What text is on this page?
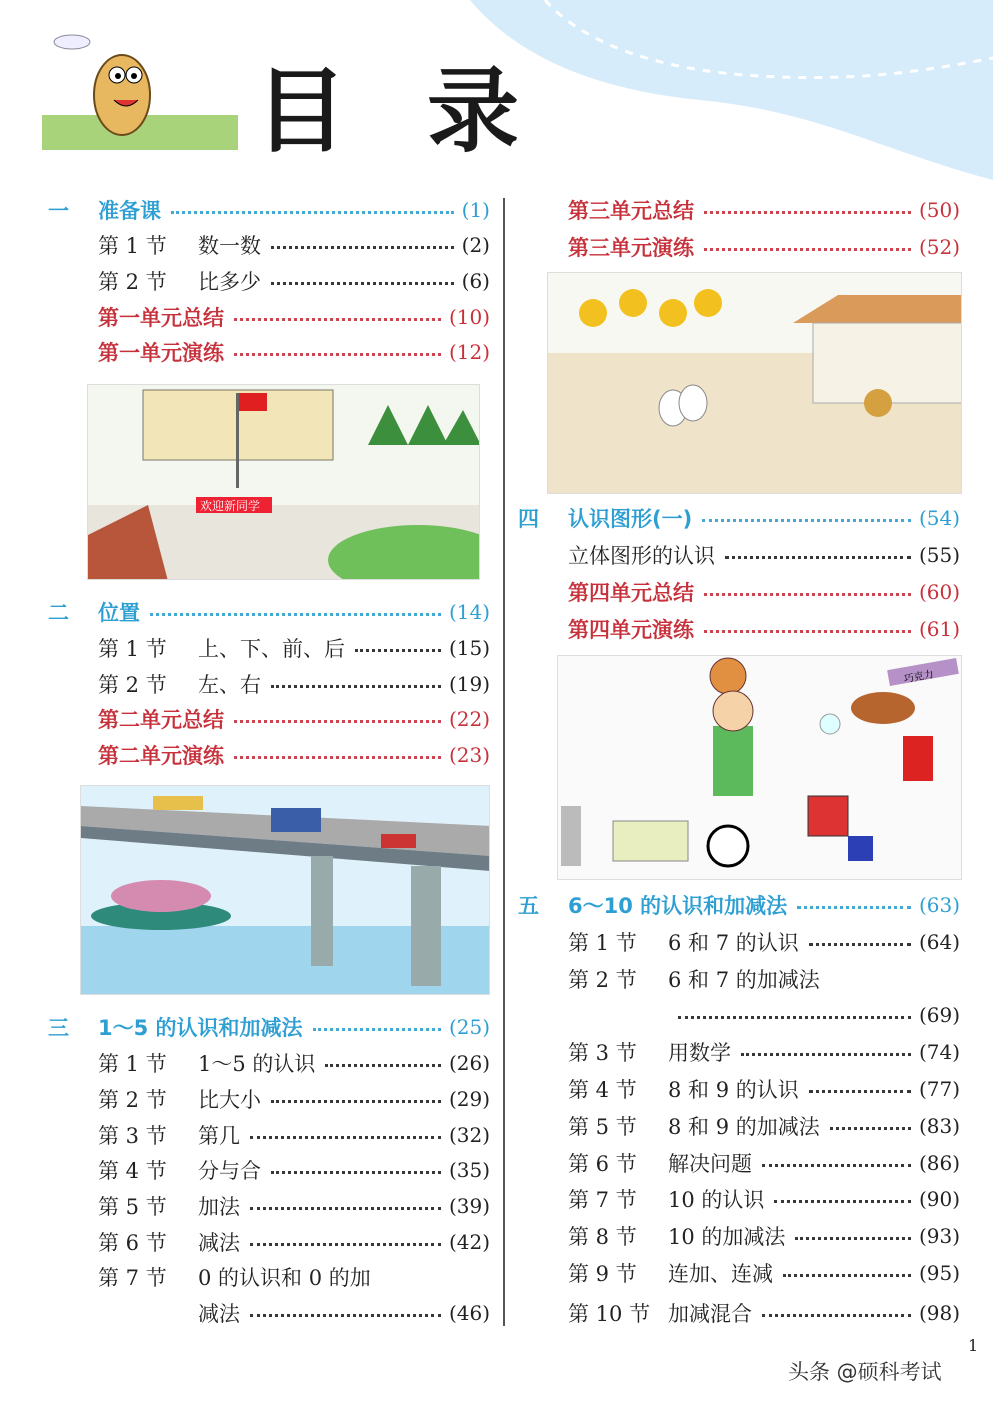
目 录
一 准备课	(1)
第 1 节	数一数	(2)
第 2 节	比多少	(6)
第一单元总结	(10)
第一单元演练	(12)
二 位置	(14)
第 1 节	上、下、前、后	(15)
第 2 节	左、右	(19)
第二单元总结	(22)
第二单元演练	(23)
三 1～5 的认识和加减法	(25)
第 1 节	1～5 的认识	(26)
第 2 节	比大小	(29)
第 3 节	第几	(32)
第 4 节	分与合	(35)
第 5 节	加法	(39)
第 6 节	减法	(42)
第 7 节	0 的认识和 0 的加
减法	(46)
第三单元总结	(50)
第三单元演练	(52)
四 认识图形(一)	(54)
立体图形的认识	(55)
第四单元总结	(60)
第四单元演练	(61)
五 6～10 的认识和加减法	(63)
第 1 节	6 和 7 的认识	(64)
第 2 节	6 和 7 的加减法
(69)
第 3 节	用数学	(74)
第 4 节	8 和 9 的认识	(77)
第 5 节	8 和 9 的加减法	(83)
第 6 节	解决问题	(86)
第 7 节	10 的认识	(90)
第 8 节	10 的加减法	(93)
第 9 节	连加、连减	(95)
第 10 节 加减混合	(98)
欢迎新同学
巧克力
1
头条 @硕科考试
